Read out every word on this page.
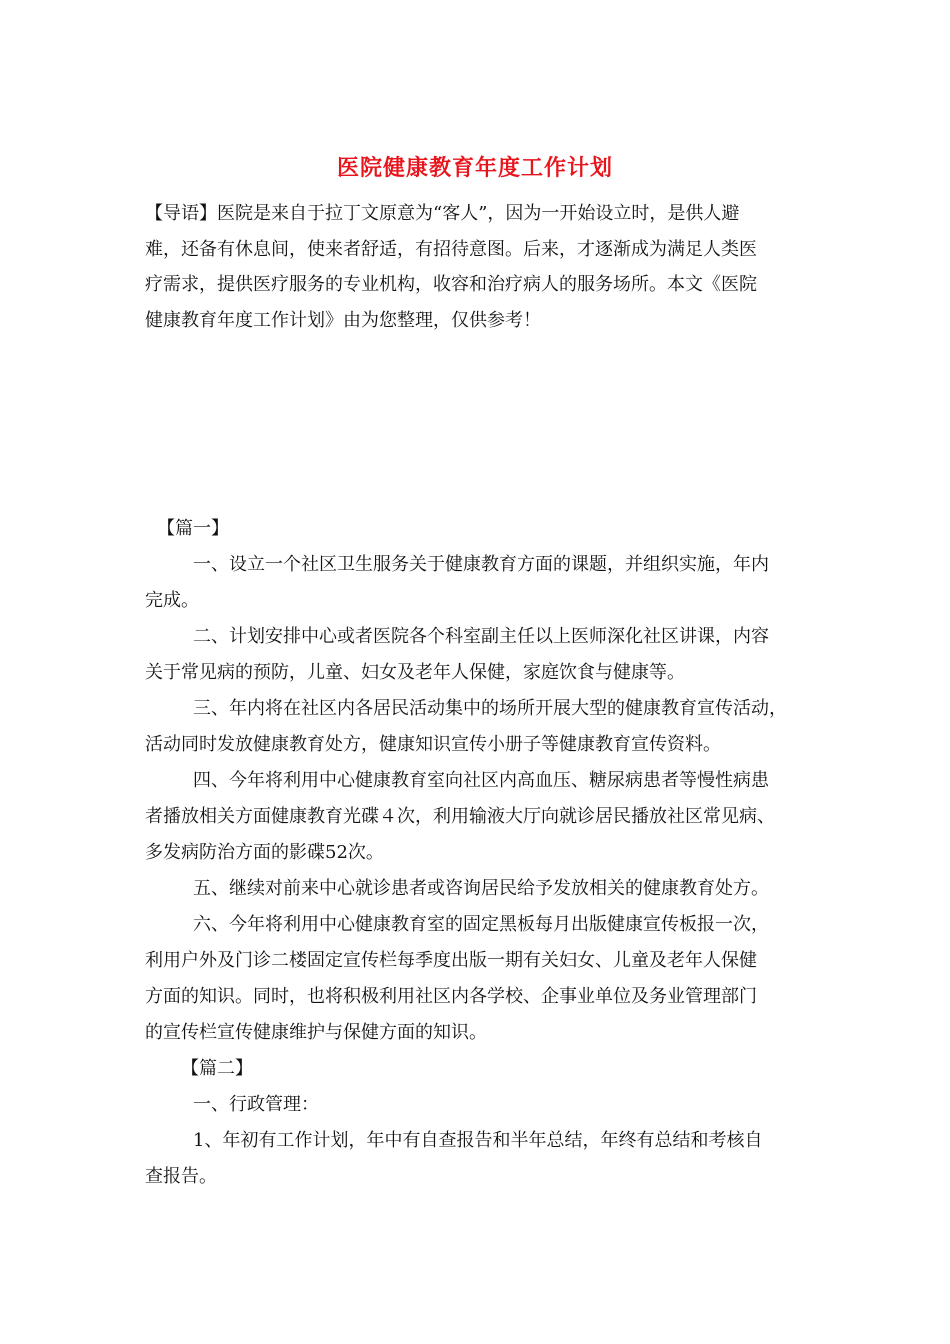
医院健康教育年度工作计划

【导语】医院是来自于拉丁文原意为“客人”，因为一开始设立时，是供人避

难，还备有休息间，使来者舒适，有招待意图。后来，才逐渐成为满足人类医

疗需求，提供医疗服务的专业机构，收容和治疗病人的服务场所。本文《医院

健康教育年度工作计划》由为您整理，仅供参考！

【篇一】

一、设立一个社区卫生服务关于健康教育方面的课题，并组织实施，年内

完成。

二、计划安排中心或者医院各个科室副主任以上医师深化社区讲课，内容

关于常见病的预防，儿童、妇女及老年人保健，家庭饮食与健康等。

三、年内将在社区内各居民活动集中的场所开展大型的健康教育宣传活动，

活动同时发放健康教育处方，健康知识宣传小册子等健康教育宣传资料。

四、今年将利用中心健康教育室向社区内高血压、糖尿病患者等慢性病患

者播放相关方面健康教育光碟４次，利用输液大厅向就诊居民播放社区常见病、

多发病防治方面的影碟52次。

五、继续对前来中心就诊患者或咨询居民给予发放相关的健康教育处方。

六、今年将利用中心健康教育室的固定黑板每月出版健康宣传板报一次，

利用户外及门诊二楼固定宣传栏每季度出版一期有关妇女、儿童及老年人保健

方面的知识。同时，也将积极利用社区内各学校、企事业单位及务业管理部门

的宣传栏宣传健康维护与保健方面的知识。

【篇二】

一、行政管理：

1、年初有工作计划，年中有自查报告和半年总结，年终有总结和考核自

查报告。
